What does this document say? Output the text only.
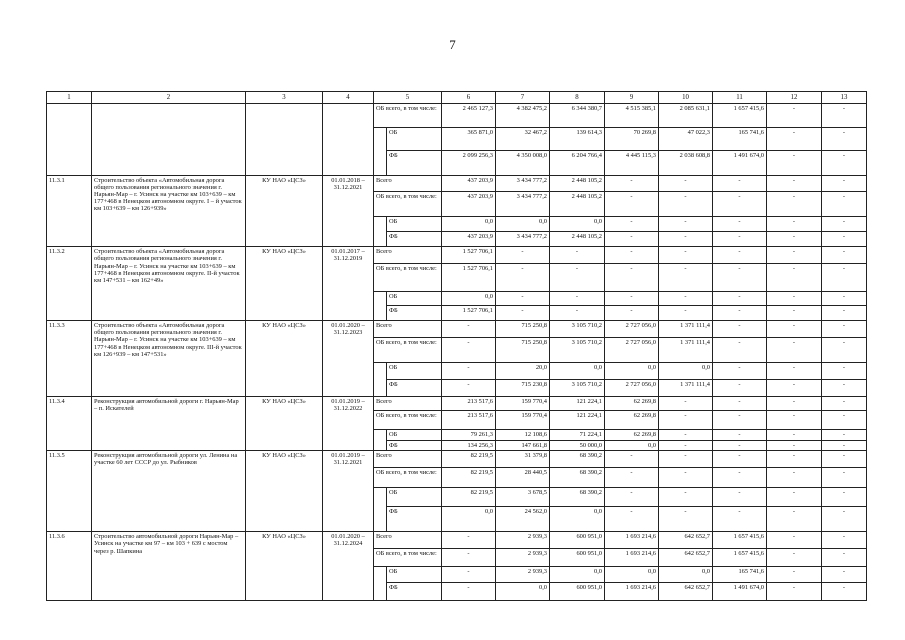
7
1	2	3	4	5		6	7	8	9	10	11	12	13
				ОБ всего, в том числе:		2 465 127,3	4 382 475,2	6 344 380,7	4 515 385,1	2 085 631,1	1 657 415,6	-	-
					ОБ	365 871,0	32 467,2	139 614,3	70 269,8	47 022,3	165 741,6	-	-
					ФБ	2 099 256,3	4 350 008,0	6 204 766,4	4 445 115,3	2 038 608,8	1 491 674,0	-	-
11.3.1	Строительство объекта «Автомобильная дорога общего пользования регионального значения г. Нарьян-Мар – г. Усинск на участке км 103+639 – км 177+468 в Ненецком автономном округе. I – й участок км 103+639 – км 126+939»	КУ НАО «ЦСЗ»	01.01.2018 – 31.12.2021	Всего		437 203,9	3 434 777,2	2 448 105,2	-	-	-	-	-
				ОБ всего, в том числе:		437 203,9	3 434 777,2	2 448 105,2	-	-	-	-	-
					ОБ	0,0	0,0	0,0	-	-	-	-	-
					ФБ	437 203,9	3 434 777,2	2 448 105,2	-	-	-	-	-
11.3.2	Строительство объекта «Автомобильная дорога общего пользования регионального значения г. Нарьян-Мар – г. Усинск на участке км 103+639 – км 177+468 в Ненецком автономном округе. II-й участок км 147+531 – км 162+49»	КУ НАО «ЦСЗ»	01.01.2017 – 31.12.2019	Всего		1 527 706,1	-	-	-	-	-	-	-
				ОБ всего, в том числе:		1 527 706,1	-	-	-	-	-	-	-
					ОБ	0,0	-	-	-	-	-	-	-
					ФБ	1 527 706,1	-	-	-	-	-	-	-
11.3.3	Строительство объекта «Автомобильная дорога общего пользования регионального значения г. Нарьян-Мар – г. Усинск на участке км 103+639 – км 177+468 в Ненецком автономном округе. III-й участок км 126+939 – км 147+531»	КУ НАО «ЦСЗ»	01.01.2020 – 31.12.2023	Всего		-	715 250,8	3 105 710,2	2 727 056,0	1 371 111,4	-	-	-
				ОБ всего, в том числе:		-	715 250,8	3 105 710,2	2 727 056,0	1 371 111,4	-	-	-
					ОБ	-	20,0	0,0	0,0	0,0	-	-	-
					ФБ	-	715 230,8	3 105 710,2	2 727 056,0	1 371 111,4	-	-	-
11.3.4	Реконструкция автомобильной дороги г. Нарьян-Мар – п. Искателей	КУ НАО «ЦСЗ»	01.01.2019 – 31.12.2022	Всего		213 517,6	159 770,4	121 224,1	62 269,8	-	-	-	-
				ОБ всего, в том числе:		213 517,6	159 770,4	121 224,1	62 269,8	-	-	-	-
					ОБ	79 261,3	12 108,6	71 224,1	62 269,8	-	-	-	-
					ФБ	134 256,3	147 661,8	50 000,0	0,0	-	-	-	-
11.3.5	Реконструкция автомобильной дороги ул. Ленина на участке 60 лет СССР до ул. Рыбников	КУ НАО «ЦСЗ»	01.01.2019 – 31.12.2021	Всего		82 219,5	31 379,8	68 390,2	-	-	-	-	-
				ОБ всего, в том числе:		82 219,5	28 440,5	68 390,2	-	-	-	-	-
					ОБ	82 219,5	3 678,5	68 390,2	-	-	-	-	-
					ФБ	0,0	24 562,0	0,0	-	-	-	-	-
11.3.6	Строительство автомобильной дороги Нарьян-Мар – Усинск на участке км 97 – км 103 + 639 с мостом через р. Шапкина	КУ НАО «ЦСЗ»	01.01.2020 – 31.12.2024	Всего		-	2 939,3	600 951,0	1 693 214,6	642 652,7	1 657 415,6	-	-
				ОБ всего, в том числе:		-	2 939,3	600 951,0	1 693 214,6	642 652,7	1 657 415,6	-	-
					ОБ	-	2 939,3	0,0	0,0	0,0	165 741,6	-	-
					ФБ	-	0,0	600 951,0	1 693 214,6	642 652,7	1 491 674,0	-	-
